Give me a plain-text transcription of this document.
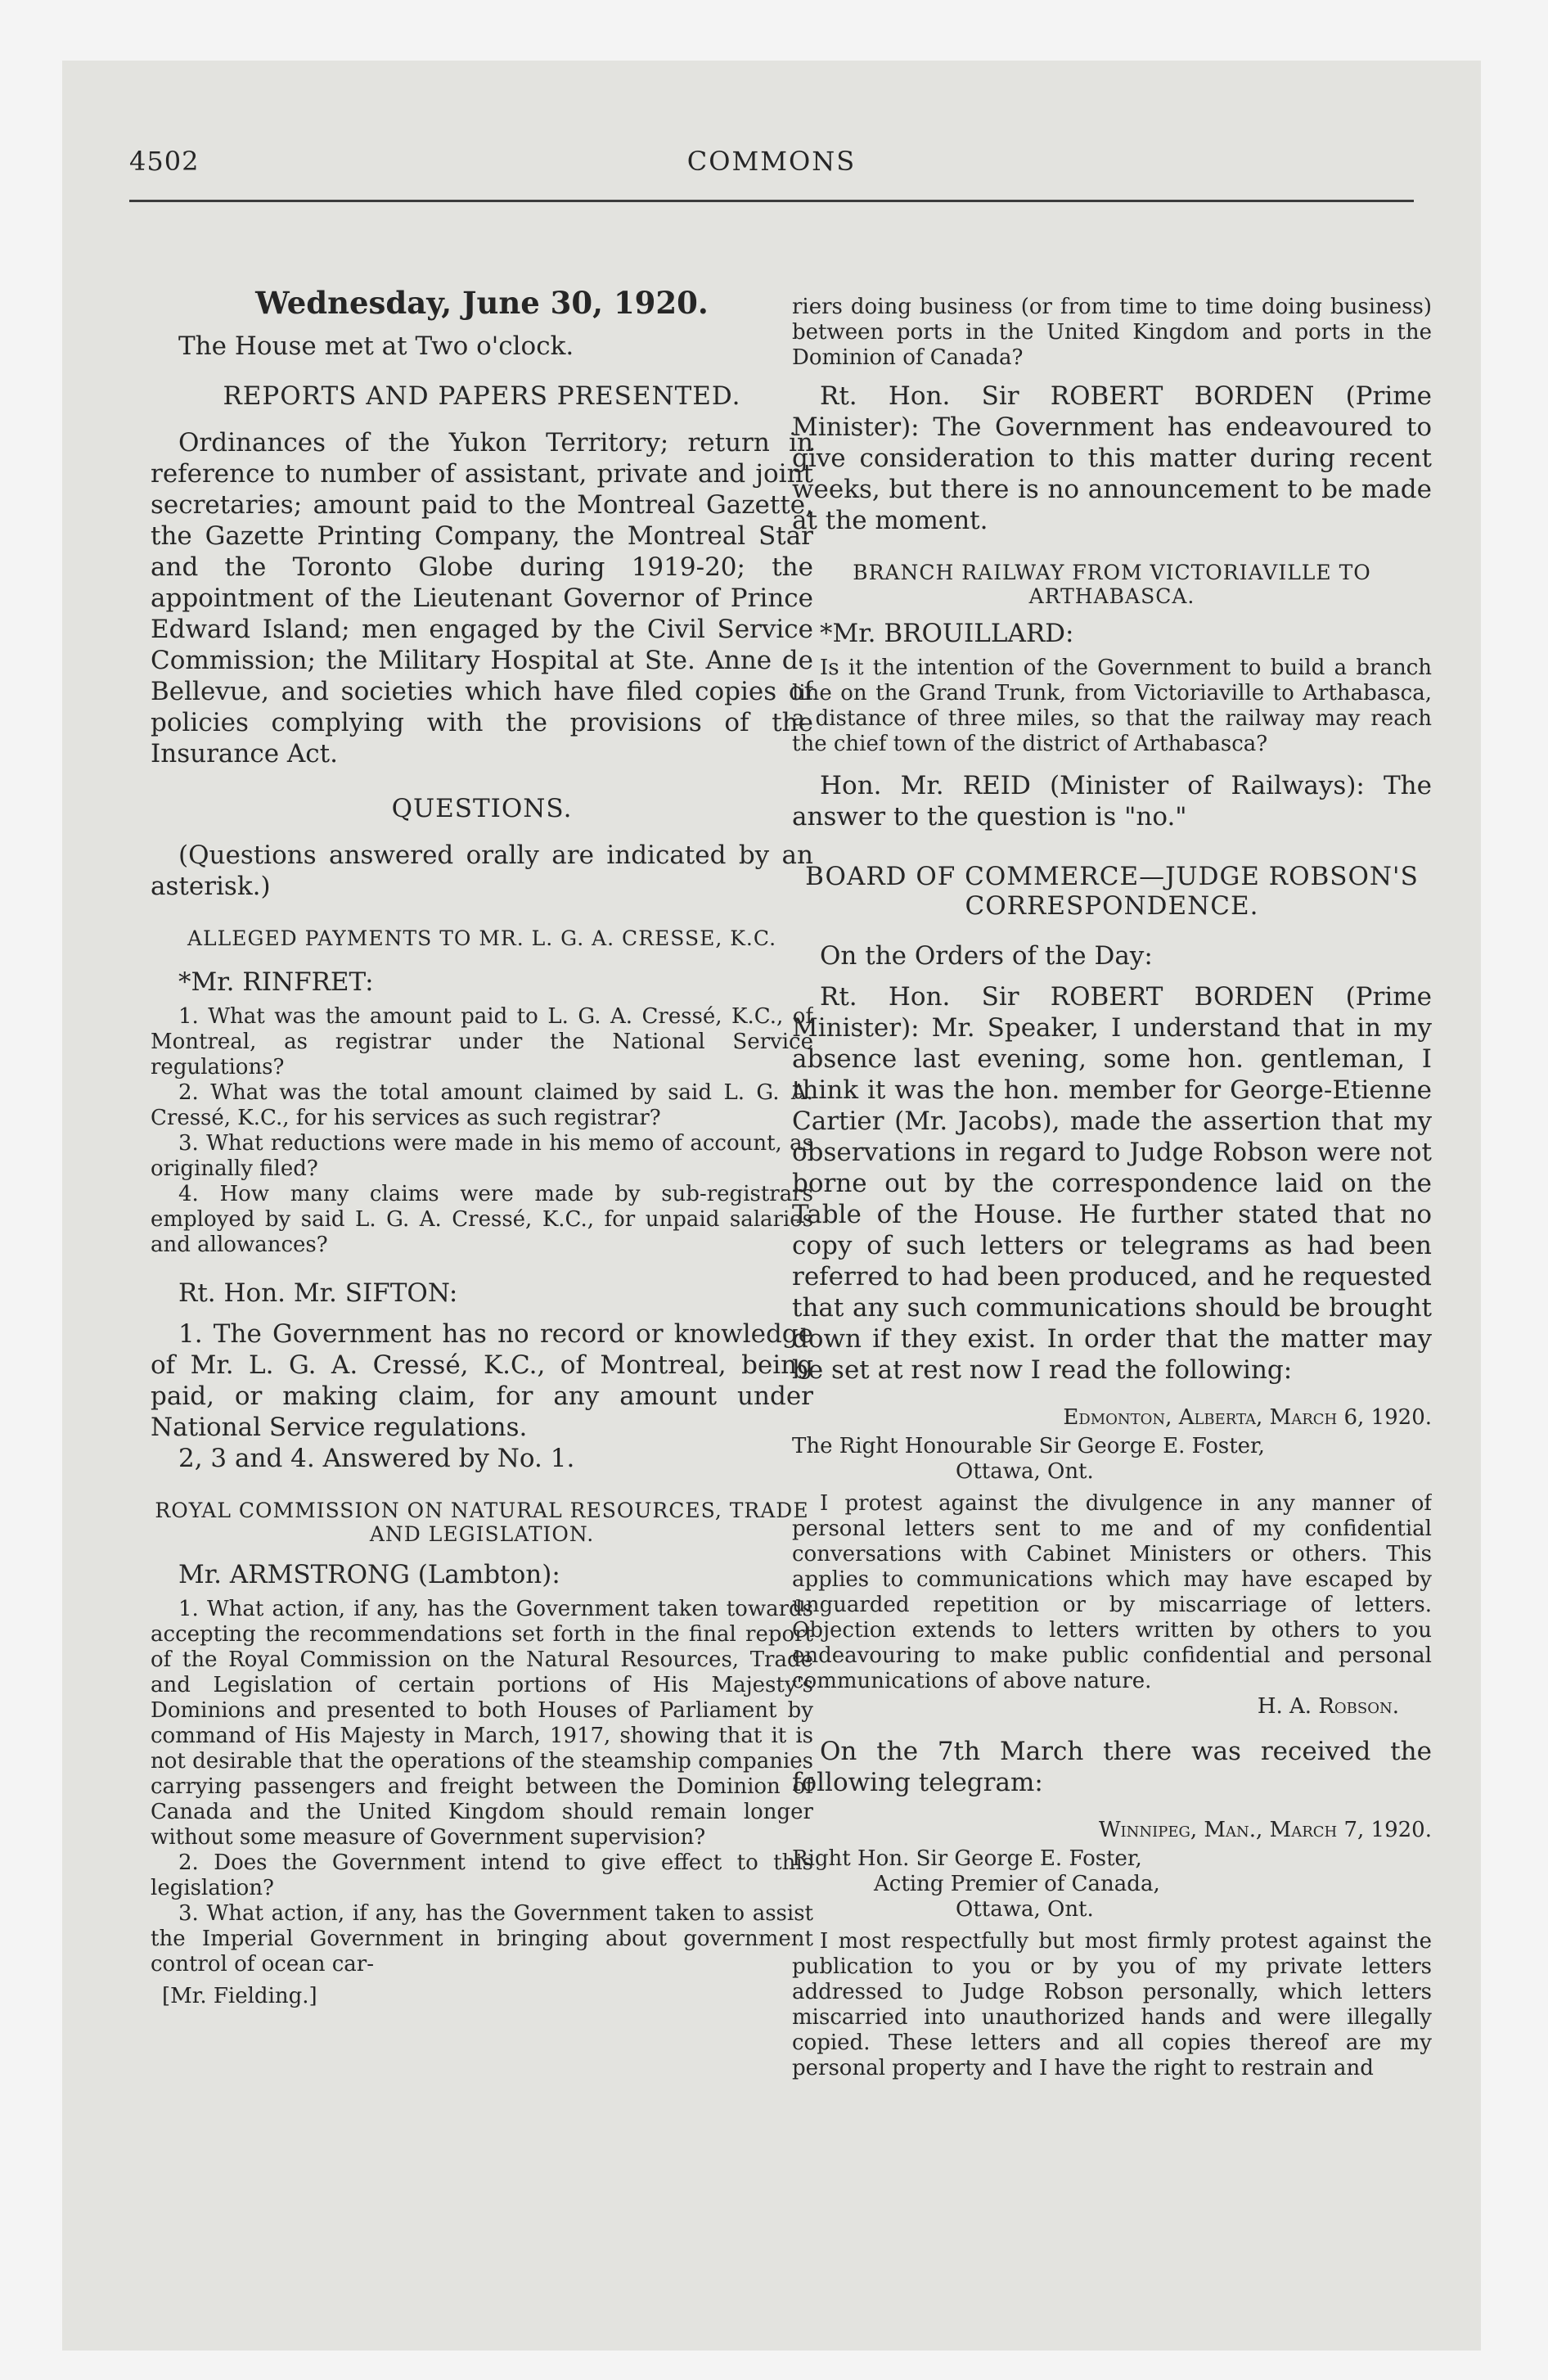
4502	COMMONS

Wednesday, June 30, 1920.

The House met at Two o'clock.

REPORTS AND PAPERS PRESENTED.

Ordinances of the Yukon Territory; return in reference to number of assistant, private and joint secretaries; amount paid to the Montreal Gazette, the Gazette Printing Company, the Montreal Star and the Toronto Globe during 1919-20; the appointment of the Lieutenant Governor of Prince Edward Island; men engaged by the Civil Service Commission; the Military Hospital at Ste. Anne de Bellevue, and societies which have filed copies of policies complying with the provisions of the Insurance Act.

QUESTIONS.

(Questions answered orally are indicated by an asterisk.)

ALLEGED PAYMENTS TO MR. L. G. A. CRESSE, K.C.

*Mr. RINFRET:

1. What was the amount paid to L. G. A. Cressé, K.C., of Montreal, as registrar under the National Service regulations?

2. What was the total amount claimed by said L. G. A. Cressé, K.C., for his services as such registrar?

3. What reductions were made in his memo of account, as originally filed?

4. How many claims were made by sub-registrars employed by said L. G. A. Cressé, K.C., for unpaid salaries and allowances?

Rt. Hon. Mr. SIFTON:

1. The Government has no record or knowledge of Mr. L. G. A. Cressé, K.C., of Montreal, being paid, or making claim, for any amount under National Service regulations.

2, 3 and 4. Answered by No. 1.

ROYAL COMMISSION ON NATURAL RESOURCES, TRADE AND LEGISLATION.

Mr. ARMSTRONG (Lambton):

1. What action, if any, has the Government taken towards accepting the recommendations set forth in the final report of the Royal Commission on the Natural Resources, Trade and Legislation of certain portions of His Majesty's Dominions and presented to both Houses of Parliament by command of His Majesty in March, 1917, showing that it is not desirable that the operations of the steamship companies carrying passengers and freight between the Dominion of Canada and the United Kingdom should remain longer without some measure of Government supervision?

2. Does the Government intend to give effect to this legislation?

3. What action, if any, has the Government taken to assist the Imperial Government in bringing about government control of ocean car-

[Mr. Fielding.]

riers doing business (or from time to time doing business) between ports in the United Kingdom and ports in the Dominion of Canada?

Rt. Hon. Sir ROBERT BORDEN (Prime Minister): The Government has endeavoured to give consideration to this matter during recent weeks, but there is no announcement to be made at the moment.

BRANCH RAILWAY FROM VICTORIAVILLE TO ARTHABASCA.

*Mr. BROUILLARD:

Is it the intention of the Government to build a branch line on the Grand Trunk, from Victoriaville to Arthabasca, a distance of three miles, so that the railway may reach the chief town of the district of Arthabasca?

Hon. Mr. REID (Minister of Railways): The answer to the question is "no."

BOARD OF COMMERCE—JUDGE ROBSON'S CORRESPONDENCE.

On the Orders of the Day:

Rt. Hon. Sir ROBERT BORDEN (Prime Minister): Mr. Speaker, I understand that in my absence last evening, some hon. gentleman, I think it was the hon. member for George-Etienne Cartier (Mr. Jacobs), made the assertion that my observations in regard to Judge Robson were not borne out by the correspondence laid on the Table of the House. He further stated that no copy of such letters or telegrams as had been referred to had been produced, and he requested that any such communications should be brought down if they exist. In order that the matter may be set at rest now I read the following:

Edmonton, Alberta, March 6, 1920.

The Right Honourable Sir George E. Foster,

Ottawa, Ont.

I protest against the divulgence in any manner of personal letters sent to me and of my confidential conversations with Cabinet Ministers or others. This applies to communications which may have escaped by unguarded repetition or by miscarriage of letters. Objection extends to letters written by others to you endeavouring to make public confidential and personal communications of above nature.

H. A. Robson.

On the 7th March there was received the following telegram:

Winnipeg, Man., March 7, 1920.

Right Hon. Sir George E. Foster,

Acting Premier of Canada,

Ottawa, Ont.

I most respectfully but most firmly protest against the publication to you or by you of my private letters addressed to Judge Robson personally, which letters miscarried into unauthorized hands and were illegally copied. These letters and all copies thereof are my personal property and I have the right to restrain and
